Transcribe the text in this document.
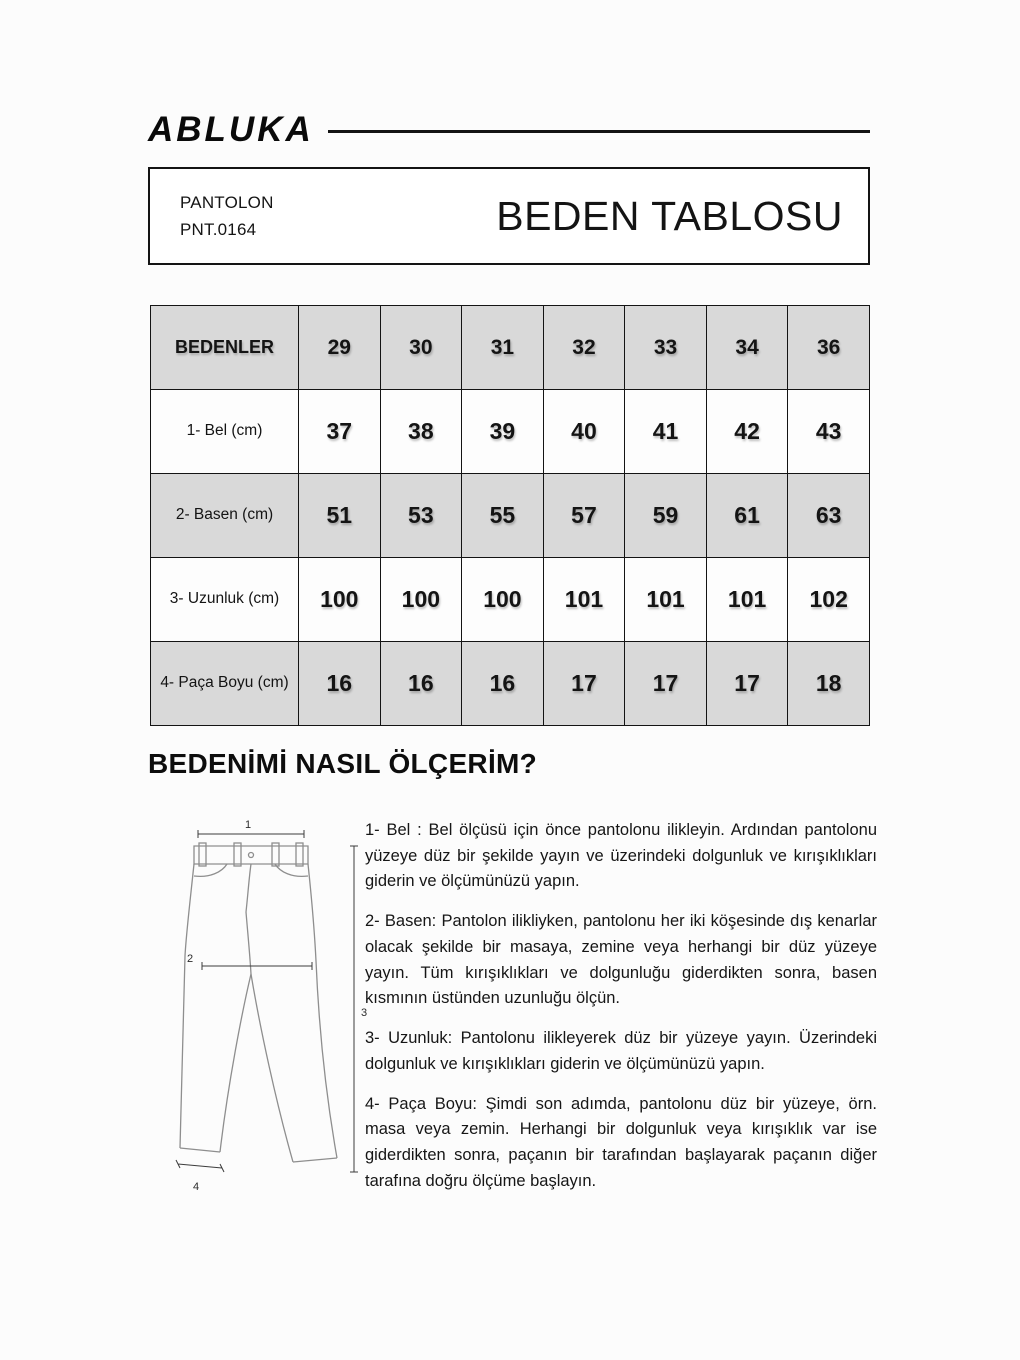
ABLUKA
PANTOLON
PNT.0164	BEDEN TABLOSU
BEDENLER	29	30	31	32	33	34	36
1- Bel (cm)	37	38	39	40	41	42	43
2- Basen (cm)	51	53	55	57	59	61	63
3- Uzunluk (cm)	100	100	100	101	101	101	102
4- Paça Boyu (cm)	16	16	16	17	17	17	18
BEDENİMİ NASIL ÖLÇERİM?
1
2
3
4

1- Bel : Bel ölçüsü için önce pantolonu ilikleyin. Ardından pantolonu yüzeye düz bir şekilde yayın ve üzerindeki dolgunluk ve kırışıklıkları giderin ve ölçümünüzü yapın.

2- Basen: Pantolon ilikliyken, pantolonu her iki köşesinde dış kenarlar olacak şekilde bir masaya, zemine veya herhangi bir düz yüzeye yayın. Tüm kırışıklıkları ve dolgunluğu giderdikten sonra, basen kısmının üstünden uzunluğu ölçün.

3- Uzunluk: Pantolonu ilikleyerek düz bir yüzeye yayın. Üzerindeki dolgunluk ve kırışıklıkları giderin ve ölçümünüzü yapın.

4- Paça Boyu: Şimdi son adımda, pantolonu düz bir yüzeye, örn. masa veya zemin. Herhangi bir dolgunluk veya kırışıklık var ise giderdikten sonra, paçanın bir tarafından başlayarak paçanın diğer tarafına doğru ölçüme başlayın.
